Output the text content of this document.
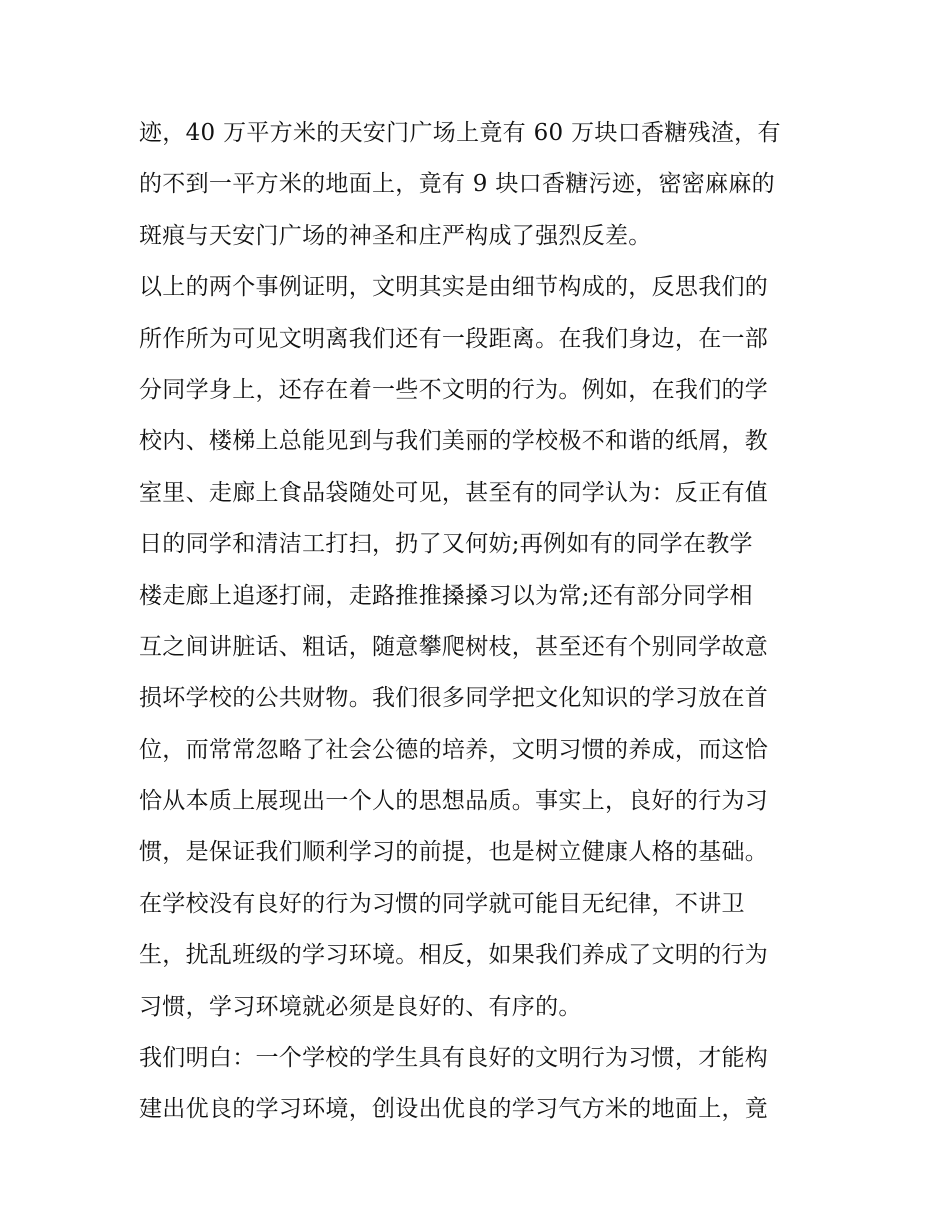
迹，40 万平方米的天安门广场上竟有 60 万块口香糖残渣，有
的不到一平方米的地面上，竟有 9 块口香糖污迹，密密麻麻的
斑痕与天安门广场的神圣和庄严构成了强烈反差。
以上的两个事例证明，文明其实是由细节构成的，反思我们的
所作所为可见文明离我们还有一段距离。在我们身边，在一部
分同学身上，还存在着一些不文明的行为。例如，在我们的学
校内、楼梯上总能见到与我们美丽的学校极不和谐的纸屑，教
室里、走廊上食品袋随处可见，甚至有的同学认为：反正有值
日的同学和清洁工打扫，扔了又何妨;再例如有的同学在教学
楼走廊上追逐打闹，走路推推搡搡习以为常;还有部分同学相
互之间讲脏话、粗话，随意攀爬树枝，甚至还有个别同学故意
损坏学校的公共财物。我们很多同学把文化知识的学习放在首
位，而常常忽略了社会公德的培养，文明习惯的养成，而这恰
恰从本质上展现出一个人的思想品质。事实上，良好的行为习
惯，是保证我们顺利学习的前提，也是树立健康人格的基础。
在学校没有良好的行为习惯的同学就可能目无纪律，不讲卫
生，扰乱班级的学习环境。相反，如果我们养成了文明的行为
习惯，学习环境就必须是良好的、有序的。
我们明白：一个学校的学生具有良好的文明行为习惯，才能构
建出优良的学习环境，创设出优良的学习气方米的地面上，竟
